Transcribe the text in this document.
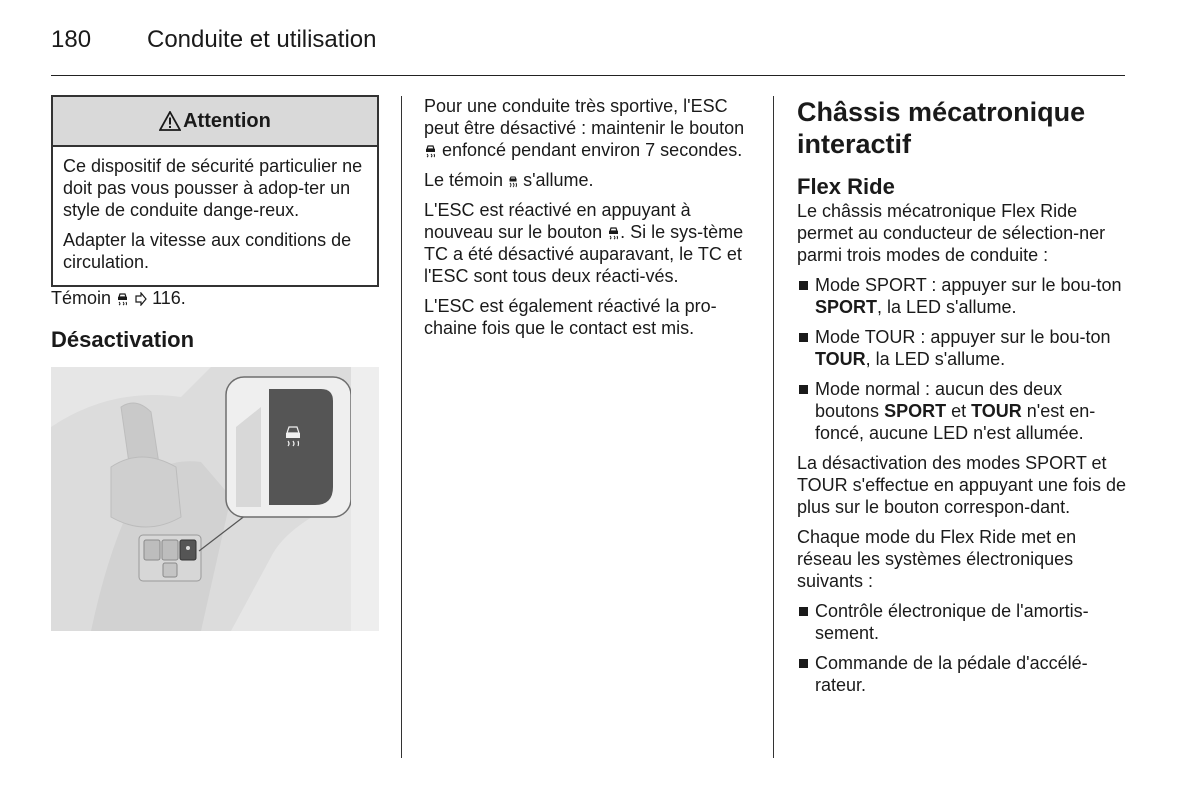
180 Conduite et utilisation
Attention

Ce dispositif de sécurité particulier ne doit pas vous pousser à adop-ter un style de conduite dange-reux.

Adapter la vitesse aux conditions de circulation.

Témoin 116.

Désactivation

Pour une conduite très sportive, l'ESC peut être désactivé : maintenir le bouton  enfoncé pendant environ 7 secondes.

Le témoin s'allume.

L'ESC est réactivé en appuyant à nouveau sur le bouton . Si le sys-tème TC a été désactivé auparavant, le TC et l'ESC sont tous deux réacti-vés.

L'ESC est également réactivé la pro-chaine fois que le contact est mis.

Châssis mécatronique interactif
Flex Ride

Le châssis mécatronique Flex Ride permet au conducteur de sélection-ner parmi trois modes de conduite :

Mode SPORT : appuyer sur le bou-ton SPORT, la LED s'allume.
Mode TOUR : appuyer sur le bou-ton TOUR, la LED s'allume.
Mode normal : aucun des deux boutons SPORT et TOUR n'est en-foncé, aucune LED n'est allumée.

La désactivation des modes SPORT et TOUR s'effectue en appuyant une fois de plus sur le bouton correspon-dant.

Chaque mode du Flex Ride met en réseau les systèmes électroniques suivants :

Contrôle électronique de l'amortis-sement.
Commande de la pédale d'accélé-rateur.
